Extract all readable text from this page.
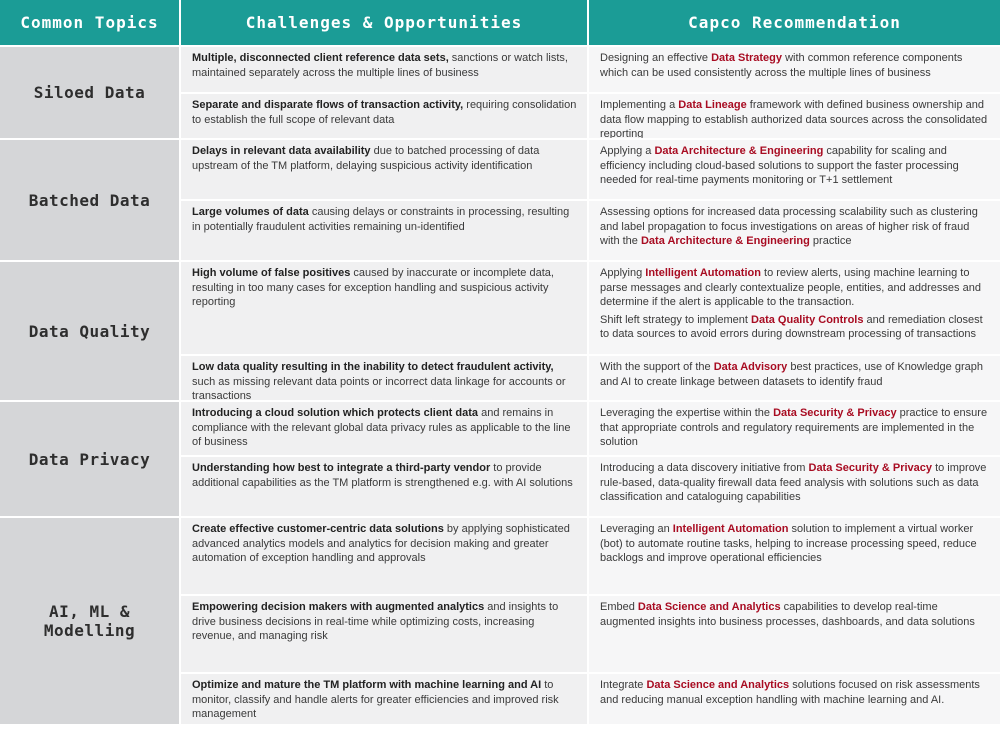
Common Topics	Challenges & Opportunities	Capco Recommendation
Siloed Data
Multiple, disconnected client reference data sets, sanctions or watch lists, maintained separately across the multiple lines of business
Separate and disparate flows of transaction activity, requiring consolidation to establish the full scope of relevant data
Designing an effective Data Strategy with common reference components which can be used consistently across the multiple lines of business
Implementing a Data Lineage framework with defined business ownership and data flow mapping to establish authorized data sources across the consolidated reporting
Batched Data
Delays in relevant data availability due to batched processing of data upstream of the TM platform, delaying suspicious activity identification
Large volumes of data causing delays or constraints in processing, resulting in potentially fraudulent activities remaining un-identified
Applying a Data Architecture & Engineering capability for scaling and efficiency including cloud-based solutions to support the faster processing needed for real-time payments monitoring or T+1 settlement
Assessing options for increased data processing scalability such as clustering and label propagation to focus investigations on areas of higher risk of fraud with the Data Architecture & Engineering practice
Data Quality
High volume of false positives caused by inaccurate or incomplete data, resulting in too many cases for exception handling and suspicious activity reporting
Low data quality resulting in the inability to detect fraudulent activity, such as missing relevant data points or incorrect data linkage for accounts or transactions
Applying Intelligent Automation to review alerts, using machine learning to parse messages and clearly contextualize people, entities, and addresses and determine if the alert is applicable to the transaction.
Shift left strategy to implement Data Quality Controls and remediation closest to data sources to avoid errors during downstream processing of transactions
With the support of the Data Advisory best practices, use of Knowledge graph and AI to create linkage between datasets to identify fraud
Data Privacy
Introducing a cloud solution which protects client data and remains in compliance with the relevant global data privacy rules as applicable to the line of business
Understanding how best to integrate a third-party vendor to provide additional capabilities as the TM platform is strengthened e.g. with AI solutions
Leveraging the expertise within the Data Security & Privacy practice to ensure that appropriate controls and regulatory requirements are implemented in the solution
Introducing a data discovery initiative from Data Security & Privacy to improve rule-based, data-quality firewall data feed analysis with solutions such as data classification and cataloguing capabilities
AI, ML & Modelling
Create effective customer-centric data solutions by applying sophisticated advanced analytics models and analytics for decision making and greater automation of exception handling and approvals
Empowering decision makers with augmented analytics and insights to drive business decisions in real-time while optimizing costs, increasing revenue, and managing risk
Optimize and mature the TM platform with machine learning and AI to monitor, classify and handle alerts for greater efficiencies and improved risk management
Leveraging an Intelligent Automation solution to implement a virtual worker (bot) to automate routine tasks, helping to increase processing speed, reduce backlogs and improve operational efficiencies
Embed Data Science and Analytics capabilities to develop real-time augmented insights into business processes, dashboards, and data solutions
Integrate Data Science and Analytics solutions focused on risk assessments and reducing manual exception handling with machine learning and AI.
